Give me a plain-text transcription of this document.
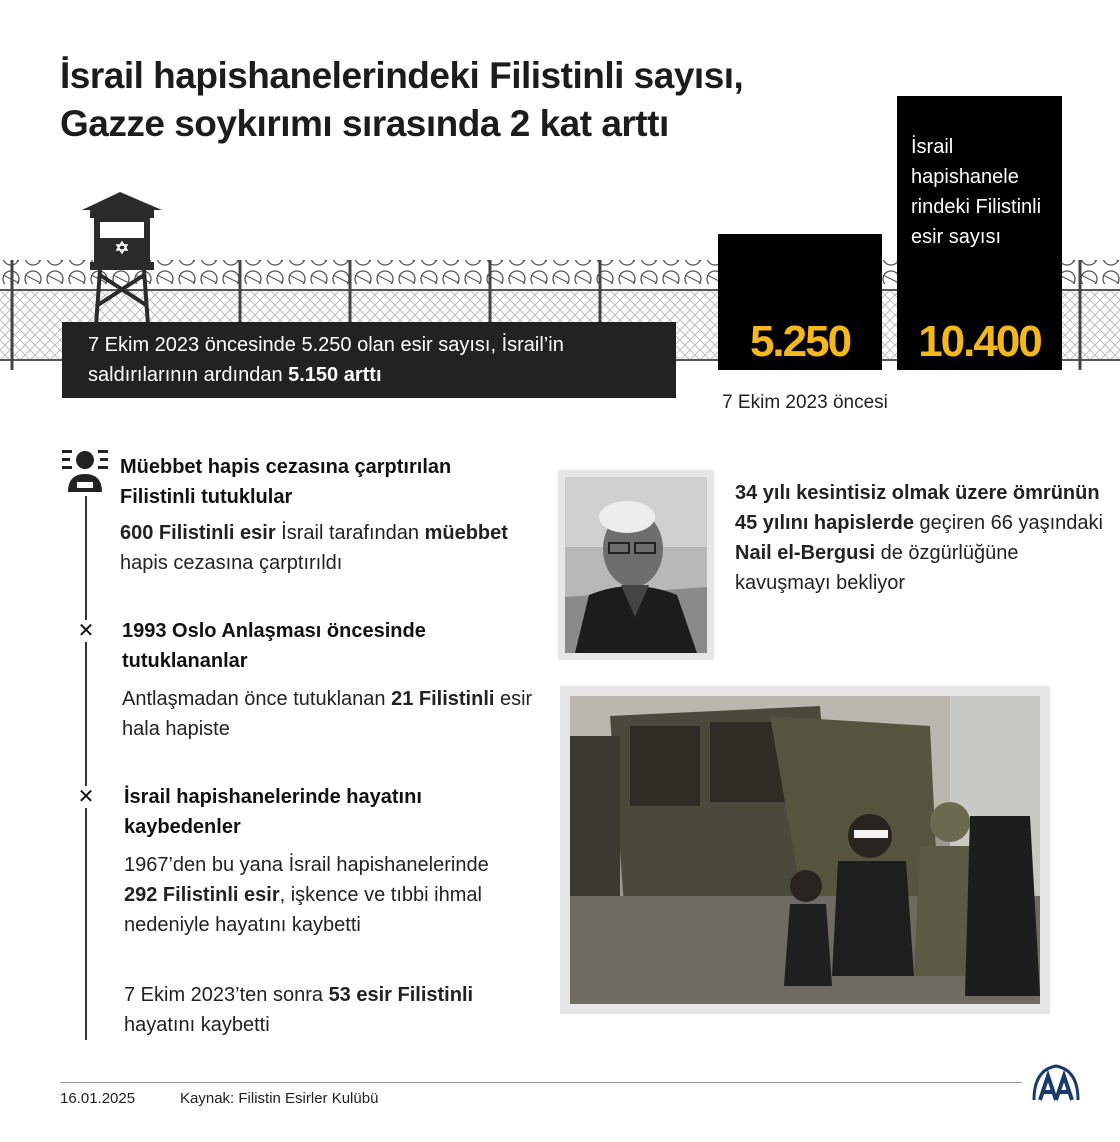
İsrail hapishanelerindeki Filistinli sayısı,
Gazze soykırımı sırasında 2 kat arttı
5.250
İsrail hapishanele rindeki Filistinli esir sayısı
10.400
7 Ekim 2023 öncesi
7 Ekim 2023 öncesinde 5.250 olan esir sayısı, İsrail’in saldırılarının ardından 5.150 arttı
Müebbet hapis cezasına çarptırılan Filistinli tutuklular
600 Filistinli esir İsrail tarafından müebbet hapis cezasına çarptırıldı
✕ 1993 Oslo Anlaşması öncesinde tutuklananlar
Antlaşmadan önce tutuklanan 21 Filistinli esir hala hapiste
✕ İsrail hapishanelerinde hayatını kaybedenler
1967’den bu yana İsrail hapishanelerinde 292 Filistinli esir, işkence ve tıbbi ihmal nedeniyle hayatını kaybetti
7 Ekim 2023’ten sonra 53 esir Filistinli hayatını kaybetti
34 yılı kesintisiz olmak üzere ömrünün 45 yılını hapislerde geçiren 66 yaşındaki Nail el-Bergusi de özgürlüğüne kavuşmayı bekliyor
16.01.2025	Kaynak: Filistin Esirler Kulübü
